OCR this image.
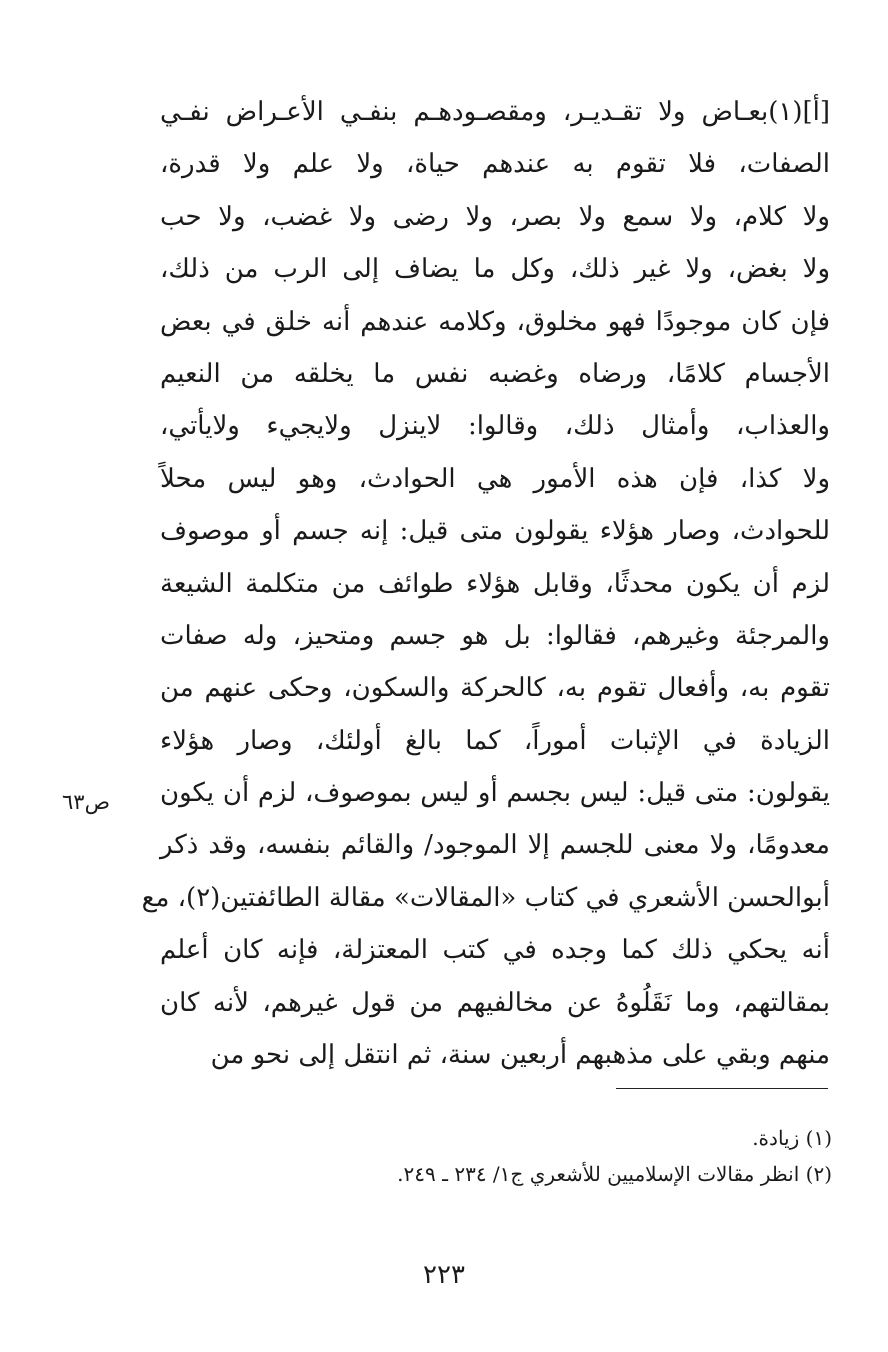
[أ](١)بعـاض ولا تقـديـر، ومقصـودهـم بنفـي الأعـراض نفـي
الصفات، فلا تقوم به عندهم حياة، ولا علم ولا قدرة،
ولا كلام، ولا سمع ولا بصر، ولا رضى ولا غضب، ولا حب
ولا بغض، ولا غير ذلك، وكل ما يضاف إلى الرب من ذلك،
فإن كان موجودًا فهو مخلوق، وكلامه عندهم أنه خلق في بعض
الأجسام كلامًا، ورضاه وغضبه نفس ما يخلقه من النعيم
والعذاب، وأمثال ذلك، وقالوا: لاينزل ولايجيء ولايأتي،
ولا كذا، فإن هذه الأمور هي الحوادث، وهو ليس محلاً
للحوادث، وصار هؤلاء يقولون متى قيل: إنه جسم أو موصوف
لزم أن يكون محدثًا، وقابل هؤلاء طوائف من متكلمة الشيعة
والمرجئة وغيرهم، فقالوا: بل هو جسم ومتحيز، وله صفات
تقوم به، وأفعال تقوم به، كالحركة والسكون، وحكى عنهم من
الزيادة في الإثبات أموراً، كما بالغ أولئك، وصار هؤلاء
يقولون: متى قيل: ليس بجسم أو ليس بموصوف، لزم أن يكون
معدومًا، ولا معنى للجسم إلا الموجود/ والقائم بنفسه، وقد ذكر
أبوالحسن الأشعري في كتاب «المقالات» مقالة الطائفتين(٢)، مع
أنه يحكي ذلك كما وجده في كتب المعتزلة، فإنه كان أعلم
بمقالتهم، وما نَقَلُوهُ عن مخالفيهم من قول غيرهم، لأنه كان
منهم وبقي على مذهبهم أربعين سنة، ثم انتقل إلى نحو من
ص٦٣
(١) زيادة.
(٢) انظر مقالات الإسلاميين للأشعري ج١/ ٢٣٤ ـ ٢٤٩.
٢٢٣
